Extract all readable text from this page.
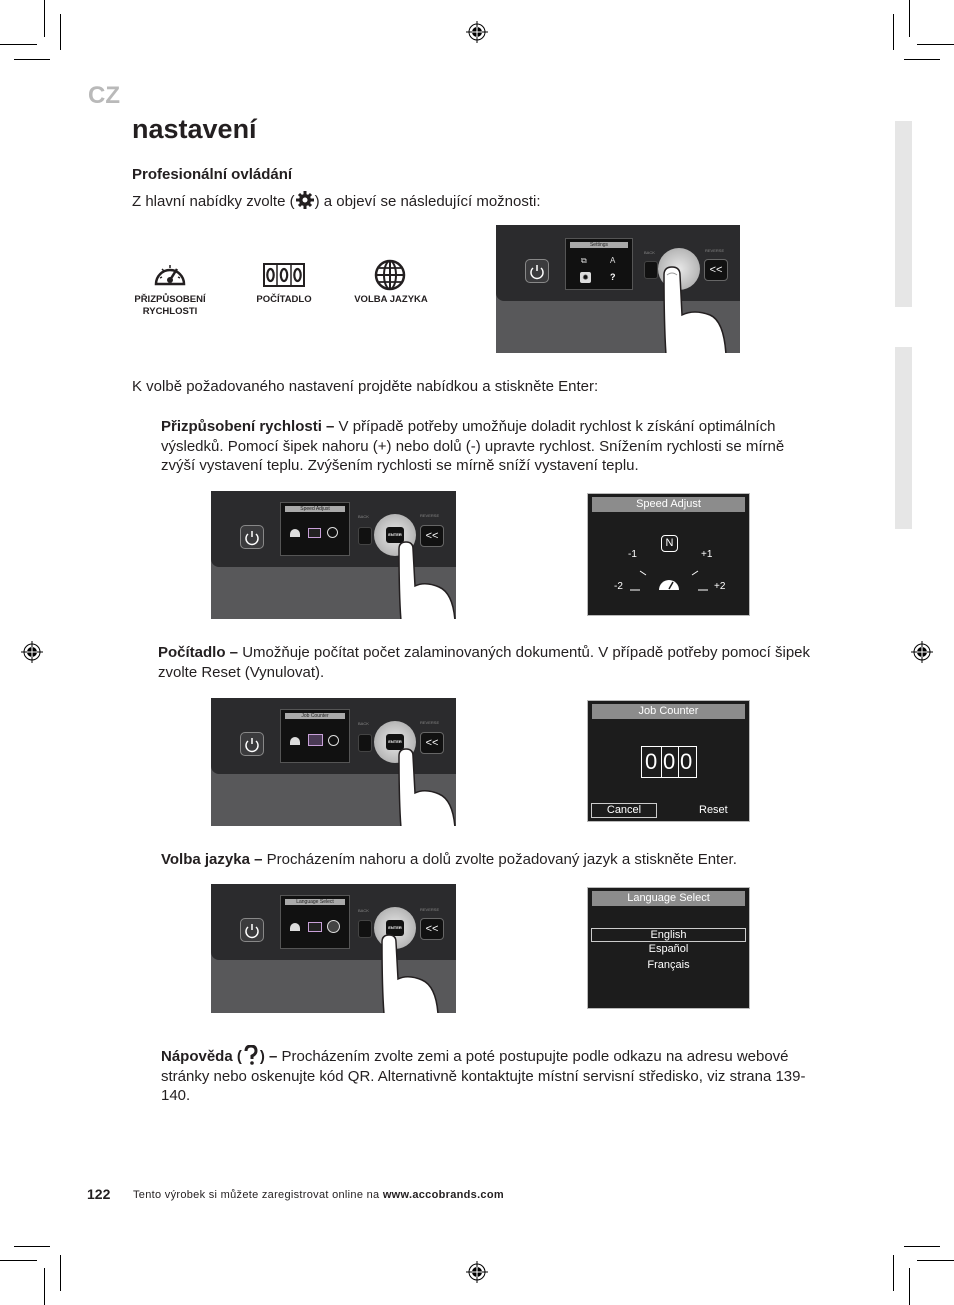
CZ
nastavení
Profesionální ovládání
Z hlavní nabídky zvolte ( ) a objeví se následující možnosti:
PŘIZPŮSOBENÍ RYCHLOSTI
POČÍTADLO	VOLBA JAZYKA
Settings
⧉	A
✹ ?
BACK	REVERSE
<<
K volbě požadovaného nastavení projděte nabídkou a stiskněte Enter:
Přizpůsobení rychlosti – V případě potřeby umožňuje doladit rychlost k získání optimálních výsledků. Pomocí šipek nahoru (+) nebo dolů (-) upravte rychlost. Snížením rychlosti se mírně zvýší vystavení teplu. Zvýšením rychlosti se mírně sníží vystavení teplu.
Speed Adjust
BACK	REVERSE
ENTER	<<
Speed Adjust
N
-1	+1
-2	+2
Počítadlo – Umožňuje počítat počet zalaminovaných dokumentů. V případě potřeby pomocí šipek zvolte Reset (Vynulovat).
Job Counter
BACK	REVERSE
ENTER	<<
Job Counter
0 0 0
Cancel	Reset
Volba jazyka – Procházením nahoru a dolů zvolte požadovaný jazyk a stiskněte Enter.
Language Select
BACK	REVERSE
ENTER	<<
Language Select
English
Español
Français
Nápověda ( ) – Procházením zvolte zemi a poté postupujte podle odkazu na adresu webové stránky nebo oskenujte kód QR. Alternativně kontaktujte místní servisní středisko, viz strana 139-140.
122 Tento výrobek si můžete zaregistrovat online na www.accobrands.com
